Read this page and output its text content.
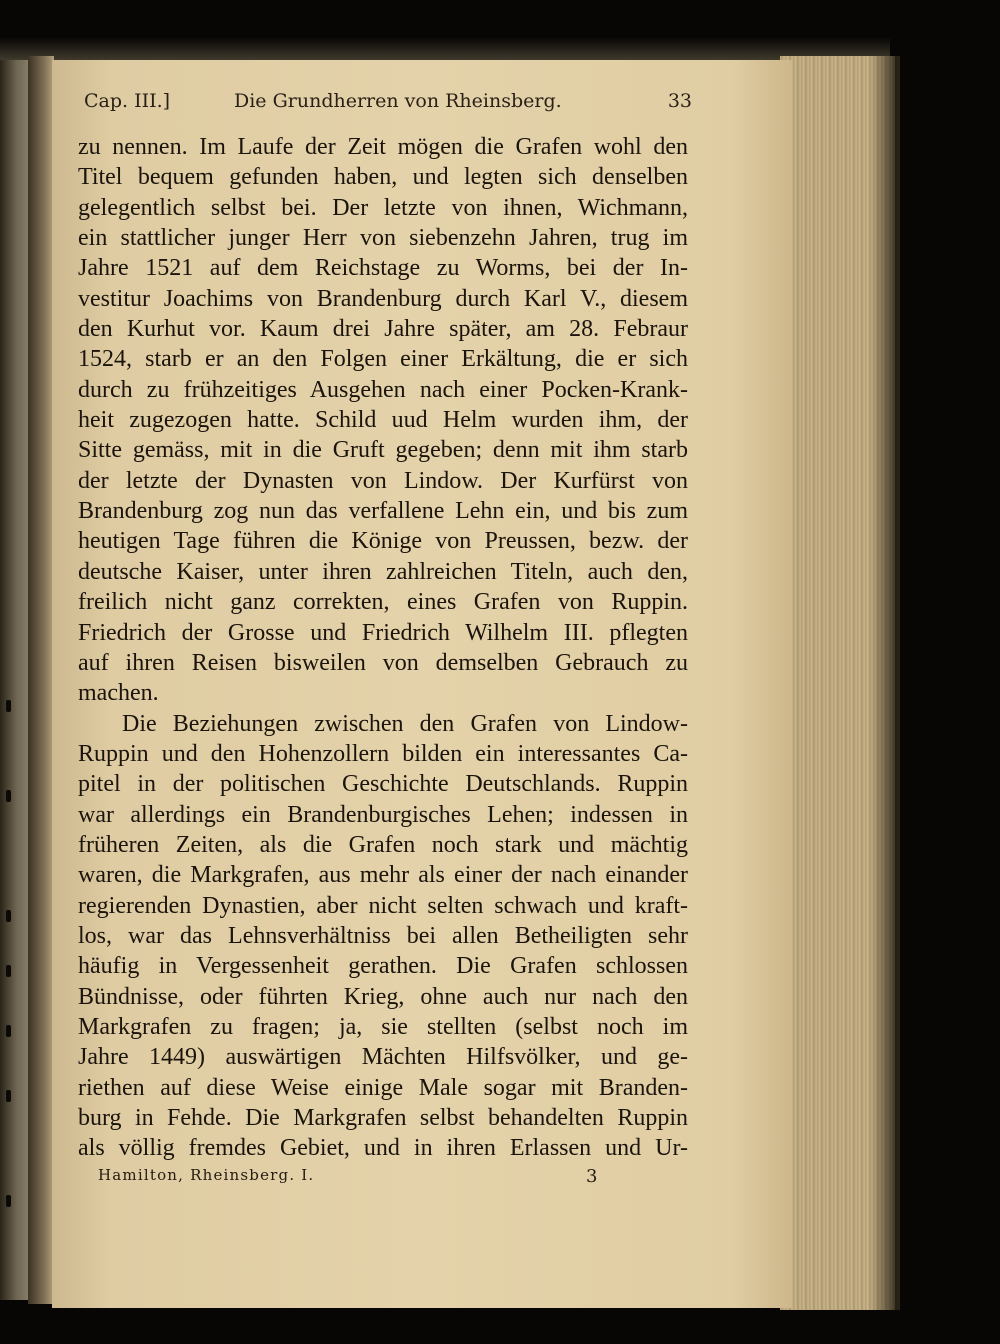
Cap. III.]	Die Grundherren von Rheinsberg.	33
zu nennen. Im Laufe der Zeit mögen die Grafen wohl den
Titel bequem gefunden haben, und legten sich denselben
gelegentlich selbst bei. Der letzte von ihnen, Wichmann,
ein stattlicher junger Herr von siebenzehn Jahren, trug im
Jahre 1521 auf dem Reichstage zu Worms, bei der In-
vestitur Joachims von Brandenburg durch Karl V., diesem
den Kurhut vor. Kaum drei Jahre später, am 28. Febraur
1524, starb er an den Folgen einer Erkältung, die er sich
durch zu frühzeitiges Ausgehen nach einer Pocken-Krank-
heit zugezogen hatte. Schild uud Helm wurden ihm, der
Sitte gemäss, mit in die Gruft gegeben; denn mit ihm starb
der letzte der Dynasten von Lindow. Der Kurfürst von
Brandenburg zog nun das verfallene Lehn ein, und bis zum
heutigen Tage führen die Könige von Preussen, bezw. der
deutsche Kaiser, unter ihren zahlreichen Titeln, auch den,
freilich nicht ganz correkten, eines Grafen von Ruppin.
Friedrich der Grosse und Friedrich Wilhelm III. pflegten
auf ihren Reisen bisweilen von demselben Gebrauch zu
machen.
Die Beziehungen zwischen den Grafen von Lindow-
Ruppin und den Hohenzollern bilden ein interessantes Ca-
pitel in der politischen Geschichte Deutschlands. Ruppin
war allerdings ein Brandenburgisches Lehen; indessen in
früheren Zeiten, als die Grafen noch stark und mächtig
waren, die Markgrafen, aus mehr als einer der nach einander
regierenden Dynastien, aber nicht selten schwach und kraft-
los, war das Lehnsverhältniss bei allen Betheiligten sehr
häufig in Vergessenheit gerathen. Die Grafen schlossen
Bündnisse, oder führten Krieg, ohne auch nur nach den
Markgrafen zu fragen; ja, sie stellten (selbst noch im
Jahre 1449) auswärtigen Mächten Hilfsvölker, und ge-
riethen auf diese Weise einige Male sogar mit Branden-
burg in Fehde. Die Markgrafen selbst behandelten Ruppin
als völlig fremdes Gebiet, und in ihren Erlassen und Ur-
Hamilton, Rheinsberg. I.	3
